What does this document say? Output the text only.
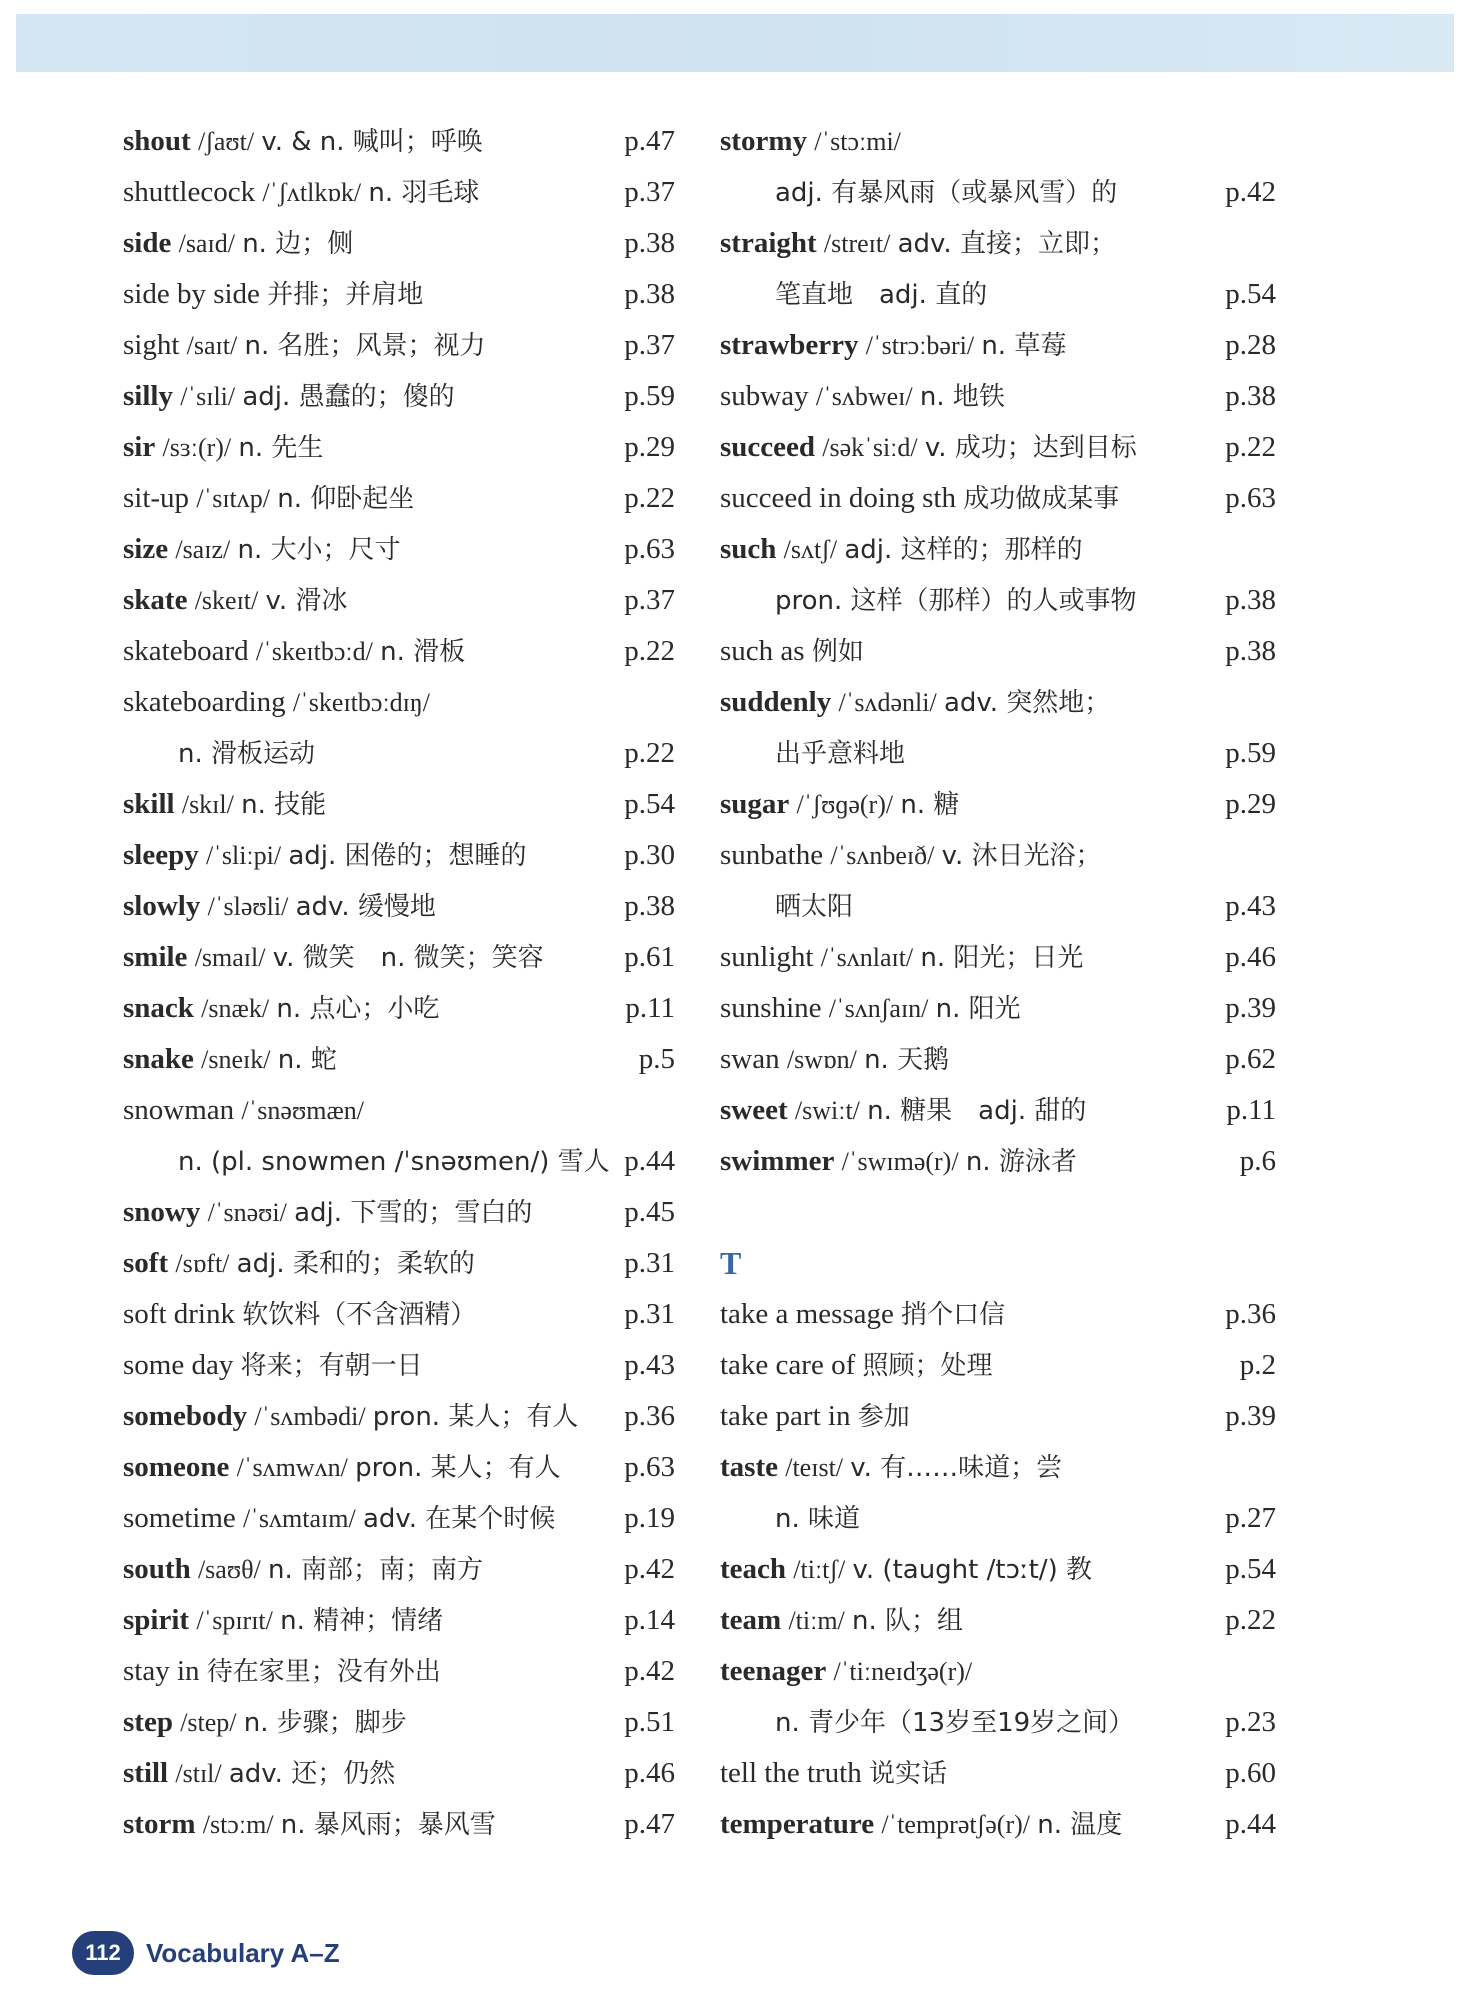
shout /ʃaʊt/ v. & n. 喊叫；呼唤	p.47
shuttlecock /ˈʃʌtlkɒk/ n. 羽毛球	p.37
side /saɪd/ n. 边；侧	p.38
side by side 并排；并肩地	p.38
sight /saɪt/ n. 名胜；风景；视力	p.37
silly /ˈsɪli/ adj. 愚蠢的；傻的	p.59
sir /sɜː(r)/ n. 先生	p.29
sit-up /ˈsɪtʌp/ n. 仰卧起坐	p.22
size /saɪz/ n. 大小；尺寸	p.63
skate /skeɪt/ v. 滑冰	p.37
skateboard /ˈskeɪtbɔːd/ n. 滑板	p.22
skateboarding /ˈskeɪtbɔːdɪŋ/
n. 滑板运动	p.22
skill /skɪl/ n. 技能	p.54
sleepy /ˈsliːpi/ adj. 困倦的；想睡的	p.30
slowly /ˈsləʊli/ adv. 缓慢地	p.38
smile /smaɪl/ v. 微笑　n. 微笑；笑容	p.61
snack /snæk/ n. 点心；小吃	p.11
snake /sneɪk/ n. 蛇	p.5
snowman /ˈsnəʊmæn/
n. (pl. snowmen /ˈsnəʊmen/) 雪人 p.44
snowy /ˈsnəʊi/ adj. 下雪的；雪白的	p.45
soft /sɒft/ adj. 柔和的；柔软的	p.31
soft drink 软饮料（不含酒精）	p.31
some day 将来；有朝一日	p.43
somebody /ˈsʌmbədi/ pron. 某人；有人	p.36
someone /ˈsʌmwʌn/ pron. 某人；有人	p.63
sometime /ˈsʌmtaɪm/ adv. 在某个时候	p.19
south /saʊθ/ n. 南部；南；南方	p.42
spirit /ˈspɪrɪt/ n. 精神；情绪	p.14
stay in 待在家里；没有外出	p.42
step /step/ n. 步骤；脚步	p.51
still /stɪl/ adv. 还；仍然	p.46
storm /stɔːm/ n. 暴风雨；暴风雪	p.47
stormy /ˈstɔːmi/
adj. 有暴风雨（或暴风雪）的	p.42
straight /streɪt/ adv. 直接；立即；
笔直地　adj. 直的	p.54
strawberry /ˈstrɔːbəri/ n. 草莓	p.28
subway /ˈsʌbweɪ/ n. 地铁	p.38
succeed /səkˈsiːd/ v. 成功；达到目标	p.22
succeed in doing sth 成功做成某事	p.63
such /sʌtʃ/ adj. 这样的；那样的
pron. 这样（那样）的人或事物	p.38
such as 例如	p.38
suddenly /ˈsʌdənli/ adv. 突然地；
出乎意料地	p.59
sugar /ˈʃʊɡə(r)/ n. 糖	p.29
sunbathe /ˈsʌnbeɪð/ v. 沐日光浴；
晒太阳	p.43
sunlight /ˈsʌnlaɪt/ n. 阳光；日光	p.46
sunshine /ˈsʌnʃaɪn/ n. 阳光	p.39
swan /swɒn/ n. 天鹅	p.62
sweet /swiːt/ n. 糖果　adj. 甜的	p.11
swimmer /ˈswɪmə(r)/ n. 游泳者	p.6
T
take a message 捎个口信	p.36
take care of 照顾；处理	p.2
take part in 参加	p.39
taste /teɪst/ v. 有……味道；尝
n. 味道	p.27
teach /tiːtʃ/ v. (taught /tɔːt/) 教	p.54
team /tiːm/ n. 队；组	p.22
teenager /ˈtiːneɪdʒə(r)/
n. 青少年（13岁至19岁之间）	p.23
tell the truth 说实话	p.60
temperature /ˈtemprətʃə(r)/ n. 温度	p.44
112 Vocabulary A–Z
